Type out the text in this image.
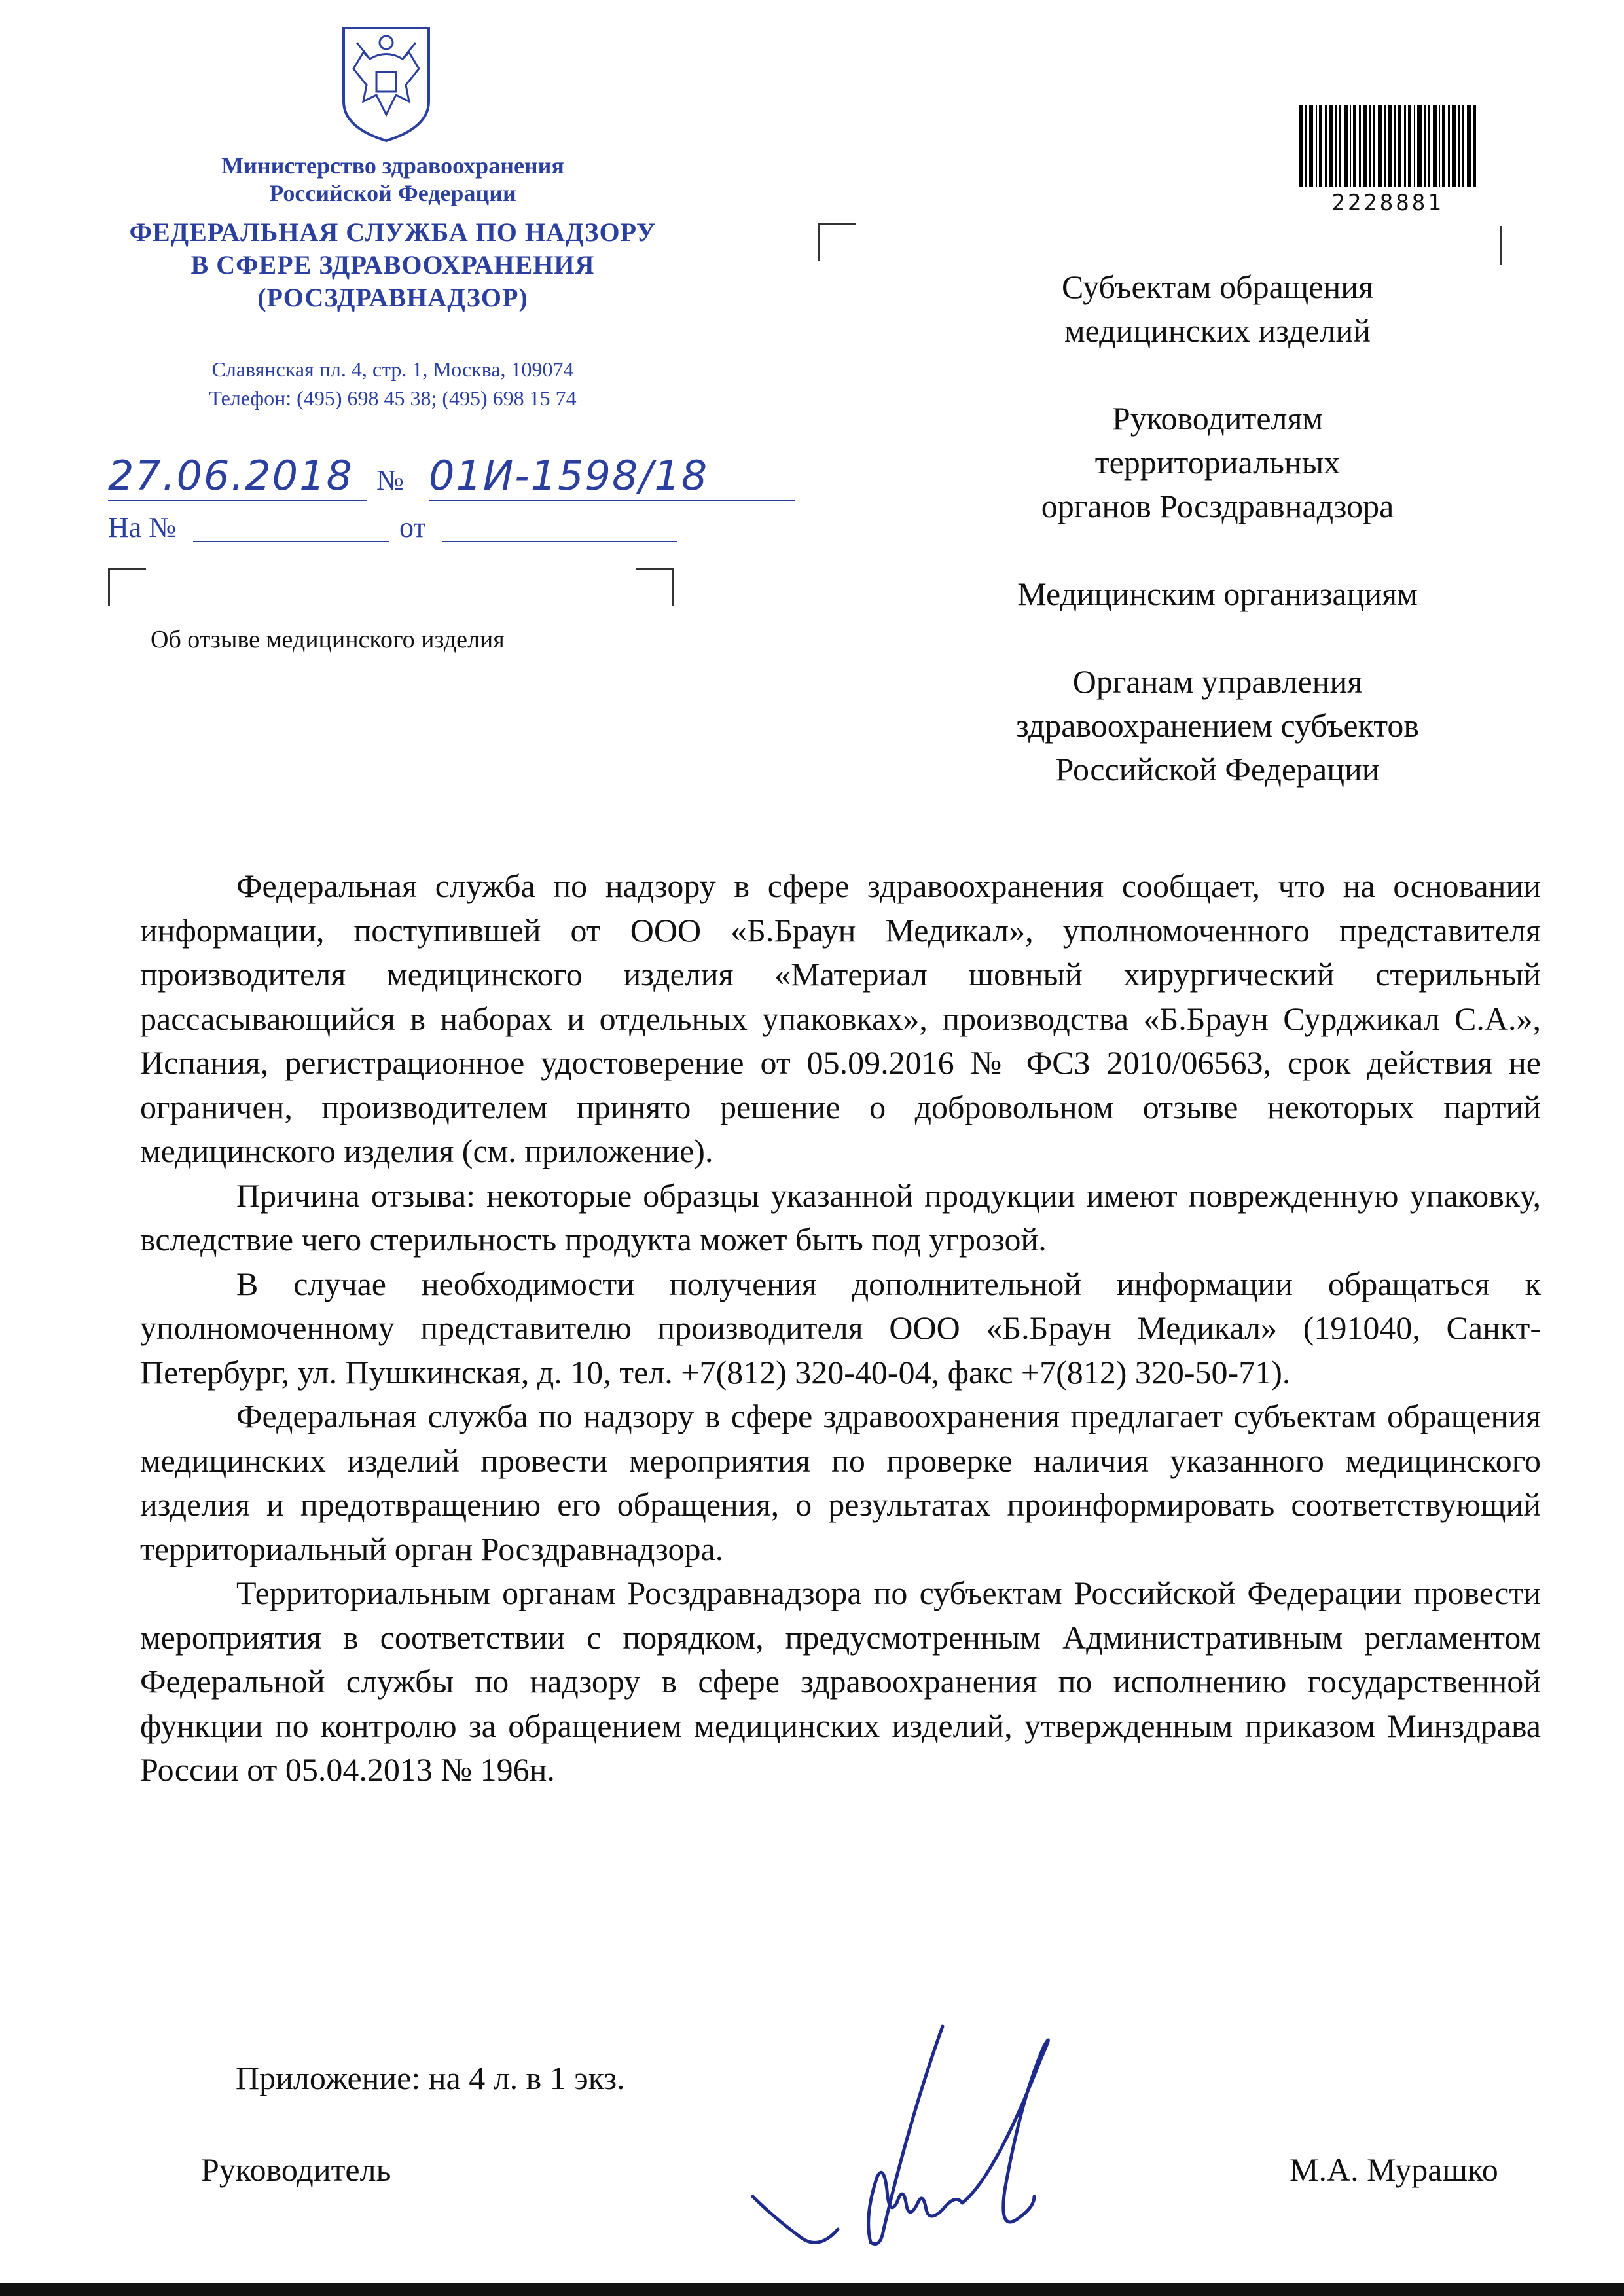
Министерство здравоохранения
Российской Федерации
ФЕДЕРАЛЬНАЯ СЛУЖБА ПО НАДЗОРУ
В СФЕРЕ ЗДРАВООХРАНЕНИЯ
(РОСЗДРАВНАДЗОР)
Славянская пл. 4, стр. 1, Москва, 109074
Телефон: (495) 698 45 38; (495) 698 15 74
27.06.2018 № 01И-1598/18
На №	от
Об отзыве медицинского изделия
2228881
Субъектам обращения
медицинских изделий
Руководителям
территориальных
органов Росздравнадзора
Медицинским организациям
Органам управления
здравоохранением субъектов
Российской Федерации

Федеральная служба по надзору в сфере здравоохранения сообщает, что на основании информации, поступившей от ООО «Б.Браун Медикал», уполномоченного представителя производителя медицинского изделия «Материал шовный хирургический стерильный рассасывающийся в наборах и отдельных упаковках», производства «Б.Браун Сурджикал С.А.», Испания, регистрационное удостоверение от 05.09.2016 № ФСЗ 2010/06563, срок действия не ограничен, производителем принято решение о добровольном отзыве некоторых партий медицинского изделия (см. приложение).

Причина отзыва: некоторые образцы указанной продукции имеют поврежденную упаковку, вследствие чего стерильность продукта может быть под угрозой.

В случае необходимости получения дополнительной информации обращаться к уполномоченному представителю производителя ООО «Б.Браун Медикал» (191040, Санкт-Петербург, ул. Пушкинская, д. 10, тел. +7(812) 320-40-04, факс +7(812) 320-50-71).

Федеральная служба по надзору в сфере здравоохранения предлагает субъектам обращения медицинских изделий провести мероприятия по проверке наличия указанного медицинского изделия и предотвращению его обращения, о результатах проинформировать соответствующий территориальный орган Росздравнадзора.

Территориальным органам Росздравнадзора по субъектам Российской Федерации провести мероприятия в соответствии с порядком, предусмотренным Административным регламентом Федеральной службы по надзору в сфере здравоохранения по исполнению государственной функции по контролю за обращением медицинских изделий, утвержденным приказом Минздрава России от 05.04.2013 № 196н.

Приложение: на 4 л. в 1 экз.
Руководитель	М.А. Мурашко
